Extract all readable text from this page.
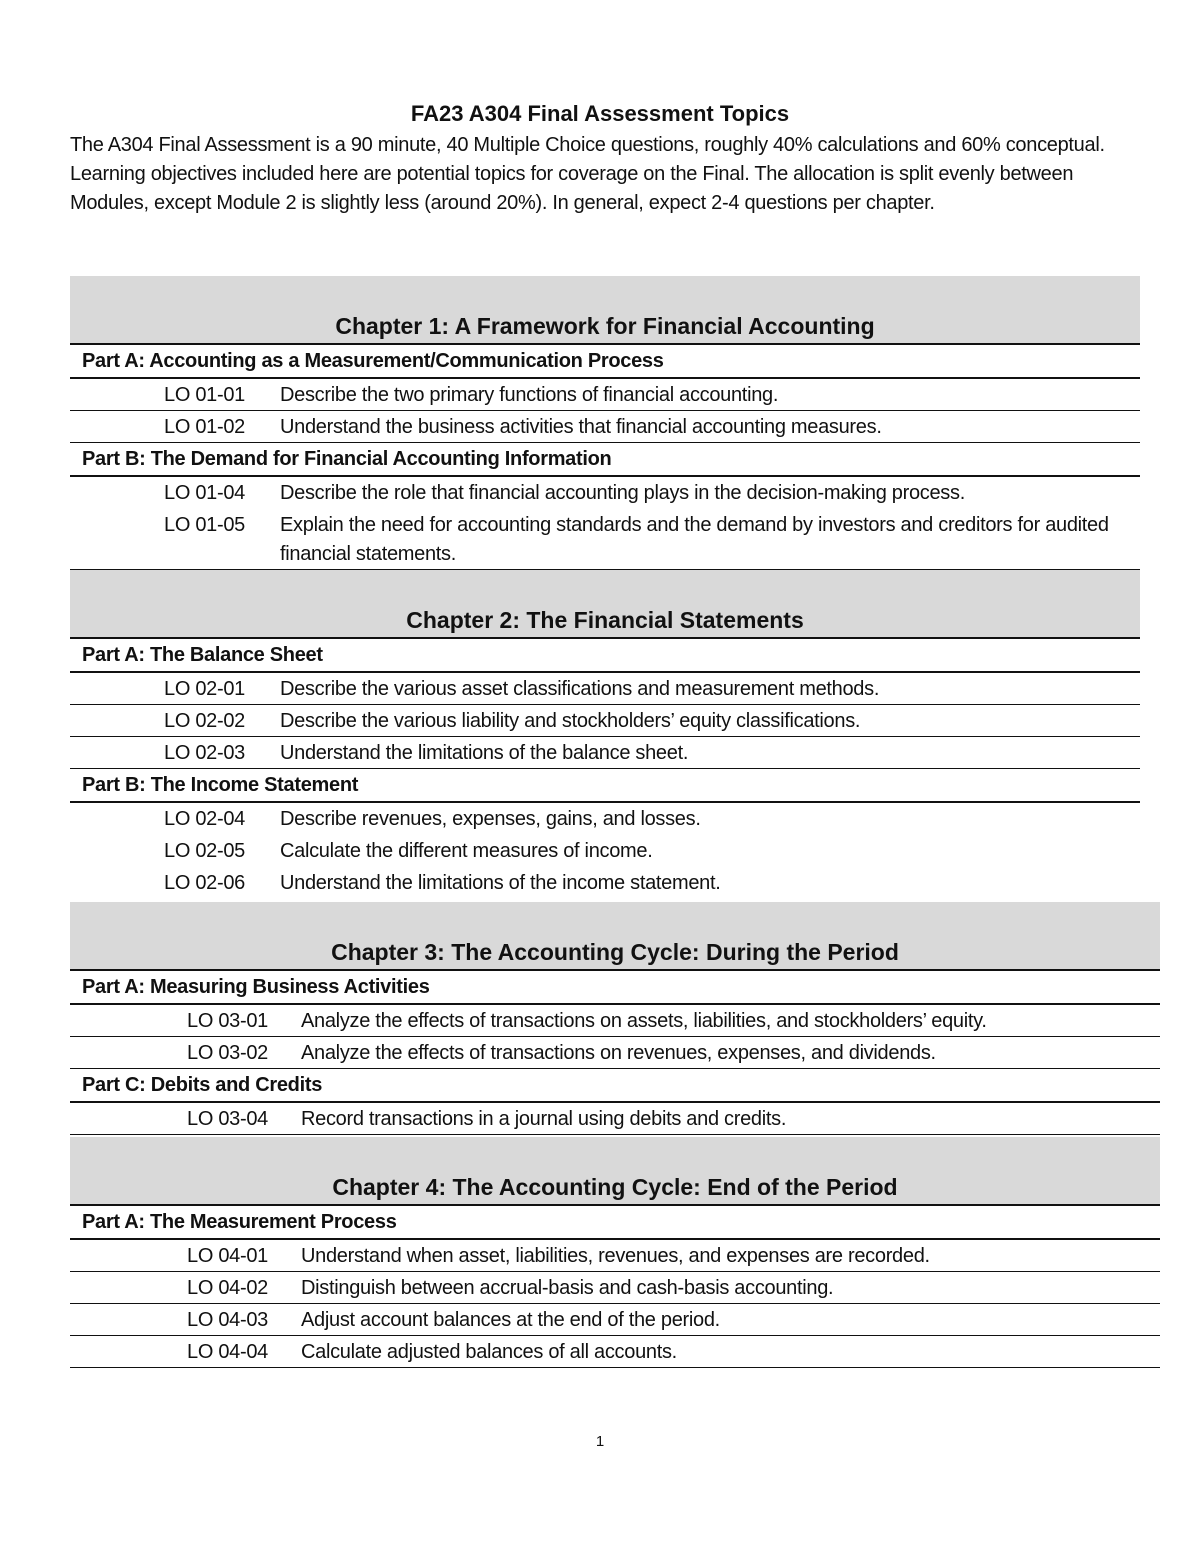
FA23 A304 Final Assessment Topics
The A304 Final Assessment is a 90 minute, 40 Multiple Choice questions, roughly 40% calculations and 60% conceptual. Learning objectives included here are potential topics for coverage on the Final. The allocation is split evenly between Modules, except Module 2 is slightly less (around 20%). In general, expect 2-4 questions per chapter.
Chapter 1: A Framework for Financial Accounting
Part A: Accounting as a Measurement/Communication Process
LO 01-01 Describe the two primary functions of financial accounting.
LO 01-02 Understand the business activities that financial accounting measures.
Part B: The Demand for Financial Accounting Information
LO 01-04 Describe the role that financial accounting plays in the decision-making process.
LO 01-05 Explain the need for accounting standards and the demand by investors and creditors for audited financial statements.
Chapter 2: The Financial Statements
Part A: The Balance Sheet
LO 02-01 Describe the various asset classifications and measurement methods.
LO 02-02 Describe the various liability and stockholders’ equity classifications.
LO 02-03 Understand the limitations of the balance sheet.
Part B: The Income Statement
LO 02-04 Describe revenues, expenses, gains, and losses.
LO 02-05 Calculate the different measures of income.
LO 02-06 Understand the limitations of the income statement.
Chapter 3: The Accounting Cycle: During the Period
Part A: Measuring Business Activities
LO 03-01 Analyze the effects of transactions on assets, liabilities, and stockholders’ equity.
LO 03-02 Analyze the effects of transactions on revenues, expenses, and dividends.
Part C: Debits and Credits
LO 03-04 Record transactions in a journal using debits and credits.
Chapter 4: The Accounting Cycle: End of the Period
Part A: The Measurement Process
LO 04-01 Understand when asset, liabilities, revenues, and expenses are recorded.
LO 04-02 Distinguish between accrual-basis and cash-basis accounting.
LO 04-03 Adjust account balances at the end of the period.
LO 04-04 Calculate adjusted balances of all accounts.
1
